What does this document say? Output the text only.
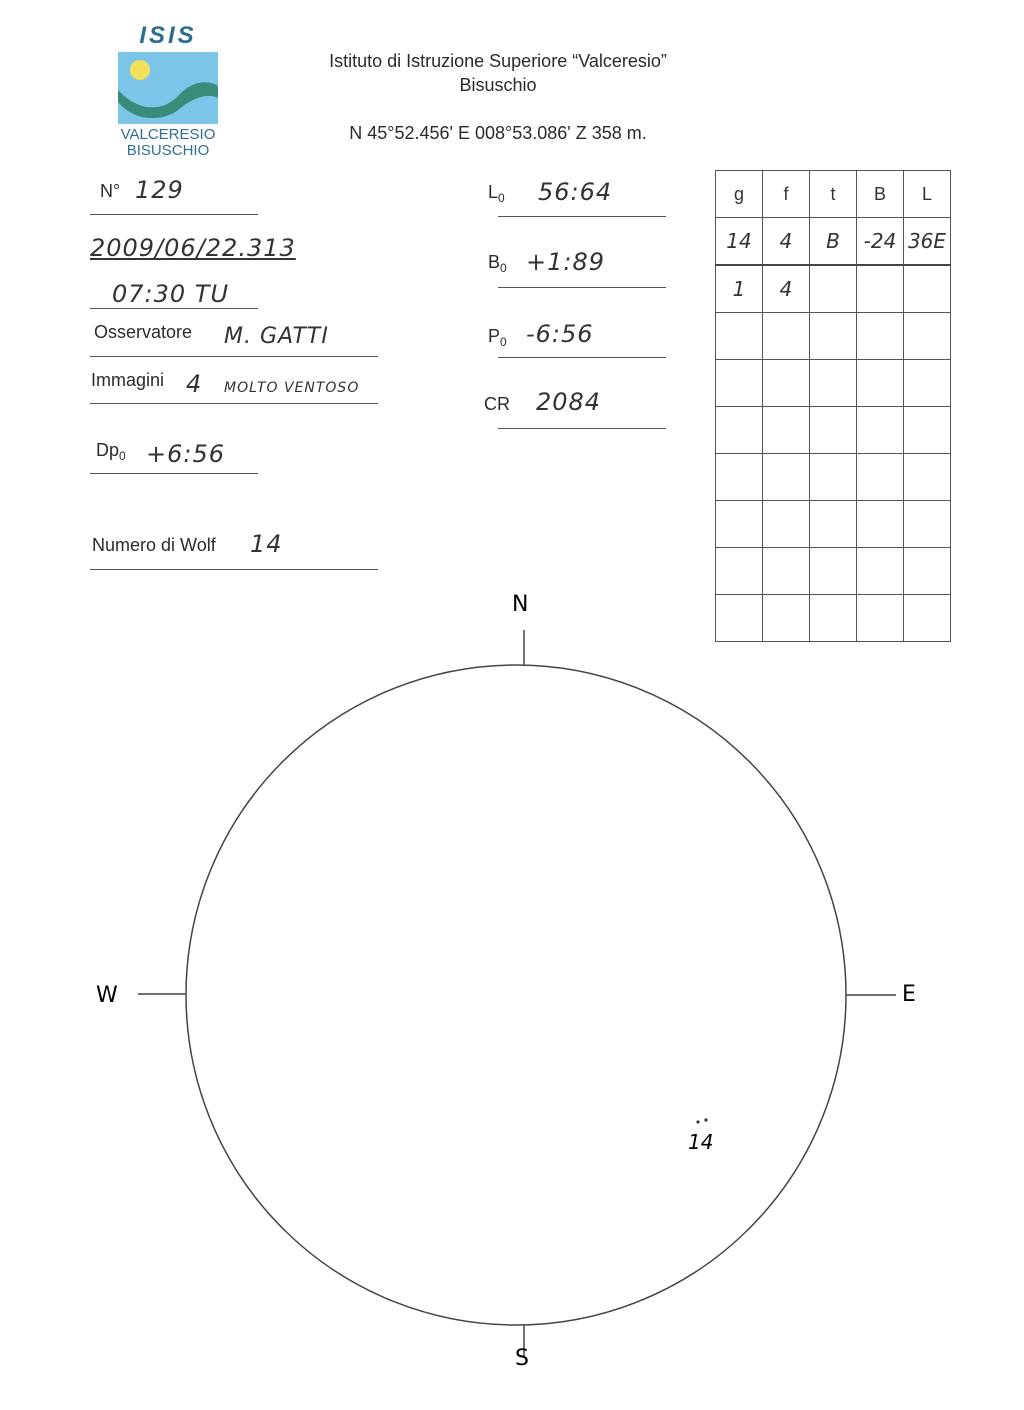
ISIS
VALCERESIO
BISUSCHIO
Istituto di Istruzione Superiore “Valceresio”
Bisuschio
N 45°52.456' E 008°53.086' Z 358 m.
N° 129
2009/06/22.313
07:30 TU
Osservatore M. GATTI
Immagini 4 MOLTO VENTOSO
$Dp_0$ +6:56
Numero di Wolf 14
$L_0$ 56:64
$B_0$ +1:89
$P_0$ -6:56
CR 2084
g	f	t	B	L
14	4	B	-24	36E
1	4			

N
S
W	E
14
